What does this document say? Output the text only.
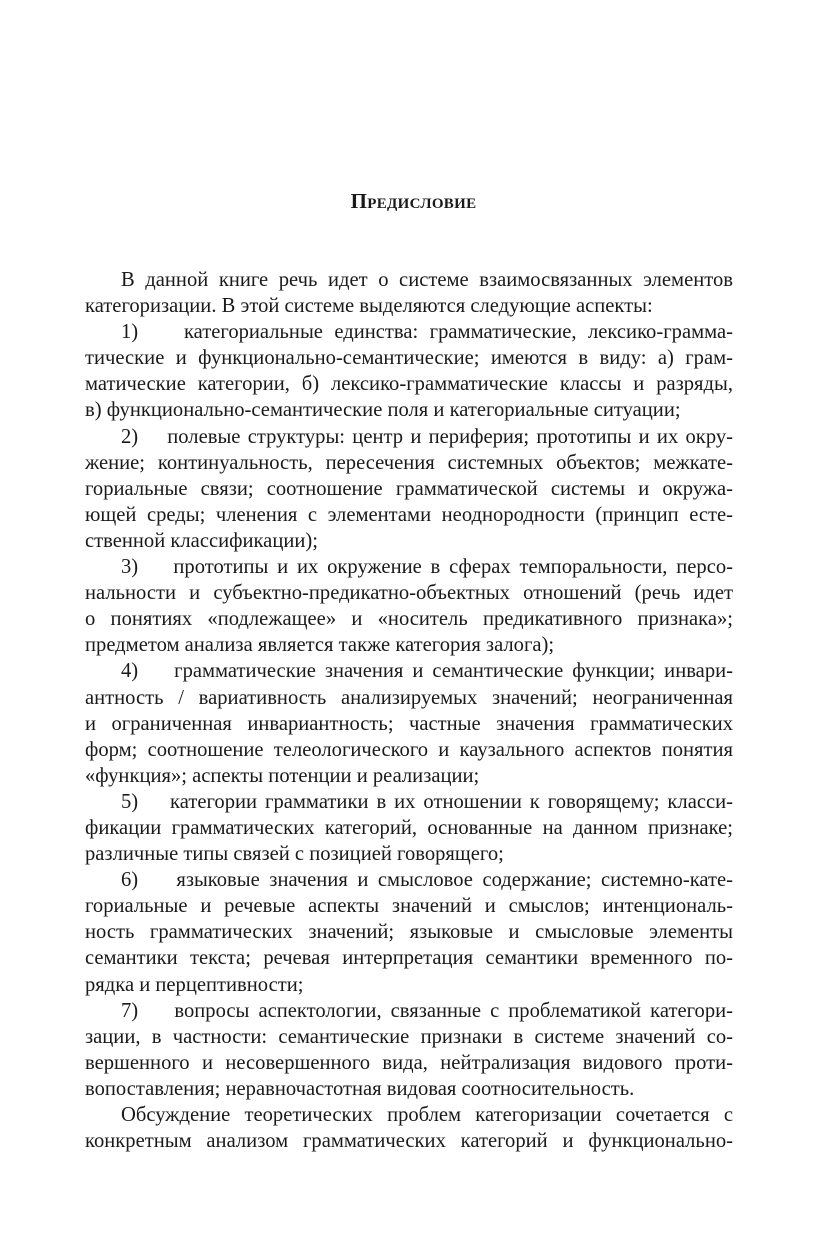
Предисловие
В данной книге речь идет о системе взаимосвязанных элементов
категоризации. В этой системе выделяются следующие аспекты:
1)    категориальные единства: грамматические, лексико-грамма-
тические и функционально-семантические; имеются в виду: а) грам-
матические категории, б) лексико-грамматические классы и разряды,
в) функционально-семантические поля и категориальные ситуации;
2)    полевые структуры: центр и периферия; прототипы и их окру-
жение; континуальность, пересечения системных объектов; межкате-
гориальные связи; соотношение грамматической системы и окружа-
ющей среды; членения с элементами неоднородности (принцип есте-
ственной классификации);
3)    прототипы и их окружение в сферах темпоральности, персо-
нальности и субъектно-предикатно-объектных отношений (речь идет
о понятиях «подлежащее» и «носитель предикативного признака»;
предметом анализа является также категория залога);
4)    грамматические значения и семантические функции; инвари-
антность / вариативность анализируемых значений; неограниченная
и ограниченная инвариантность; частные значения грамматических
форм; соотношение телеологического и каузального аспектов понятия
«функция»; аспекты потенции и реализации;
5)    категории грамматики в их отношении к говорящему; класси-
фикации грамматических категорий, основанные на данном признаке;
различные типы связей с позицией говорящего;
6)    языковые значения и смысловое содержание; системно-кате-
гориальные и речевые аспекты значений и смыслов; интенциональ-
ность грамматических значений; языковые и смысловые элементы
семантики текста; речевая интерпретация семантики временного по-
рядка и перцептивности;
7)    вопросы аспектологии, связанные с проблематикой категори-
зации, в частности: семантические признаки в системе значений со-
вершенного и несовершенного вида, нейтрализация видового проти-
вопоставления; неравночастотная видовая соотносительность.
Обсуждение теоретических проблем категоризации сочетается с
конкретным анализом грамматических категорий и функционально-
